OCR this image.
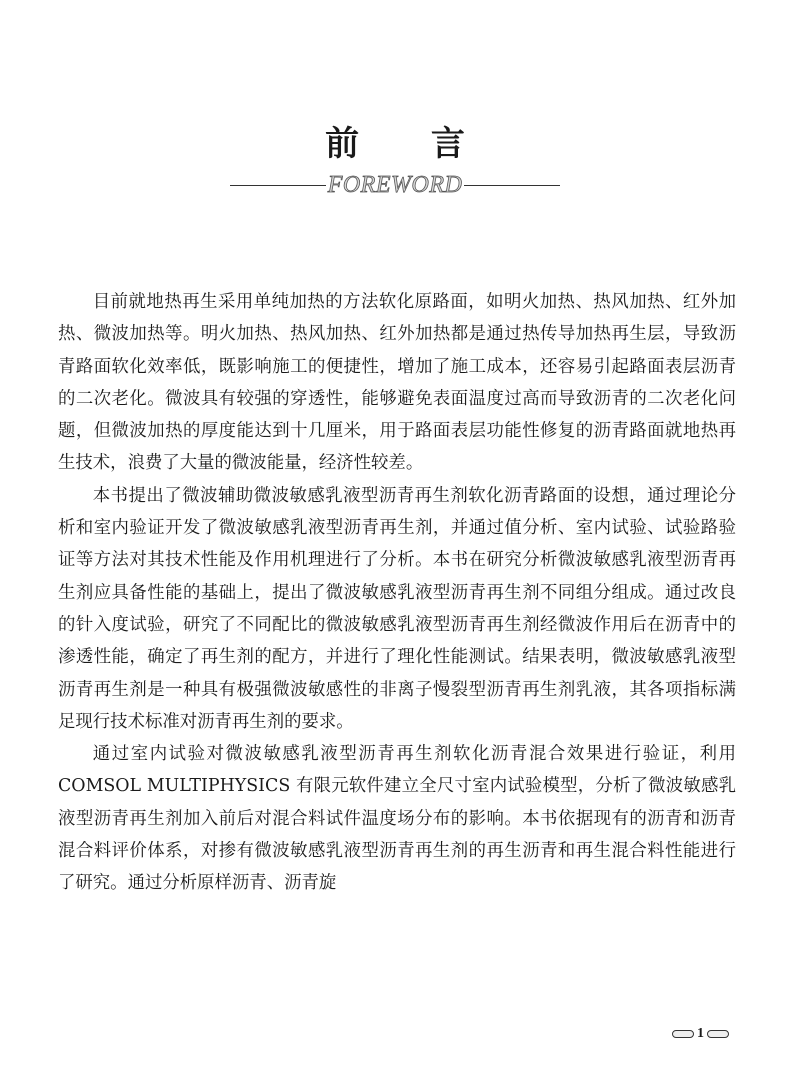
前 言
FOREWORD

目前就地热再生采用单纯加热的方法软化原路面，如明火加热、热风加热、红外加热、微波加热等。明火加热、热风加热、红外加热都是通过热传导加热再生层，导致沥青路面软化效率低，既影响施工的便捷性，增加了施工成本，还容易引起路面表层沥青的二次老化。微波具有较强的穿透性，能够避免表面温度过高而导致沥青的二次老化问题，但微波加热的厚度能达到十几厘米，用于路面表层功能性修复的沥青路面就地热再生技术，浪费了大量的微波能量，经济性较差。

本书提出了微波辅助微波敏感乳液型沥青再生剂软化沥青路面的设想，通过理论分析和室内验证开发了微波敏感乳液型沥青再生剂，并通过值分析、室内试验、试验路验证等方法对其技术性能及作用机理进行了分析。本书在研究分析微波敏感乳液型沥青再生剂应具备性能的基础上，提出了微波敏感乳液型沥青再生剂不同组分组成。通过改良的针入度试验，研究了不同配比的微波敏感乳液型沥青再生剂经微波作用后在沥青中的渗透性能，确定了再生剂的配方，并进行了理化性能测试。结果表明，微波敏感乳液型沥青再生剂是一种具有极强微波敏感性的非离子慢裂型沥青再生剂乳液，其各项指标满足现行技术标准对沥青再生剂的要求。

通过室内试验对微波敏感乳液型沥青再生剂软化沥青混合效果进行验证，利用 COMSOL MULTIPHYSICS 有限元软件建立全尺寸室内试验模型，分析了微波敏感乳液型沥青再生剂加入前后对混合料试件温度场分布的影响。本书依据现有的沥青和沥青混合料评价体系，对掺有微波敏感乳液型沥青再生剂的再生沥青和再生混合料性能进行了研究。通过分析原样沥青、沥青旋

1
